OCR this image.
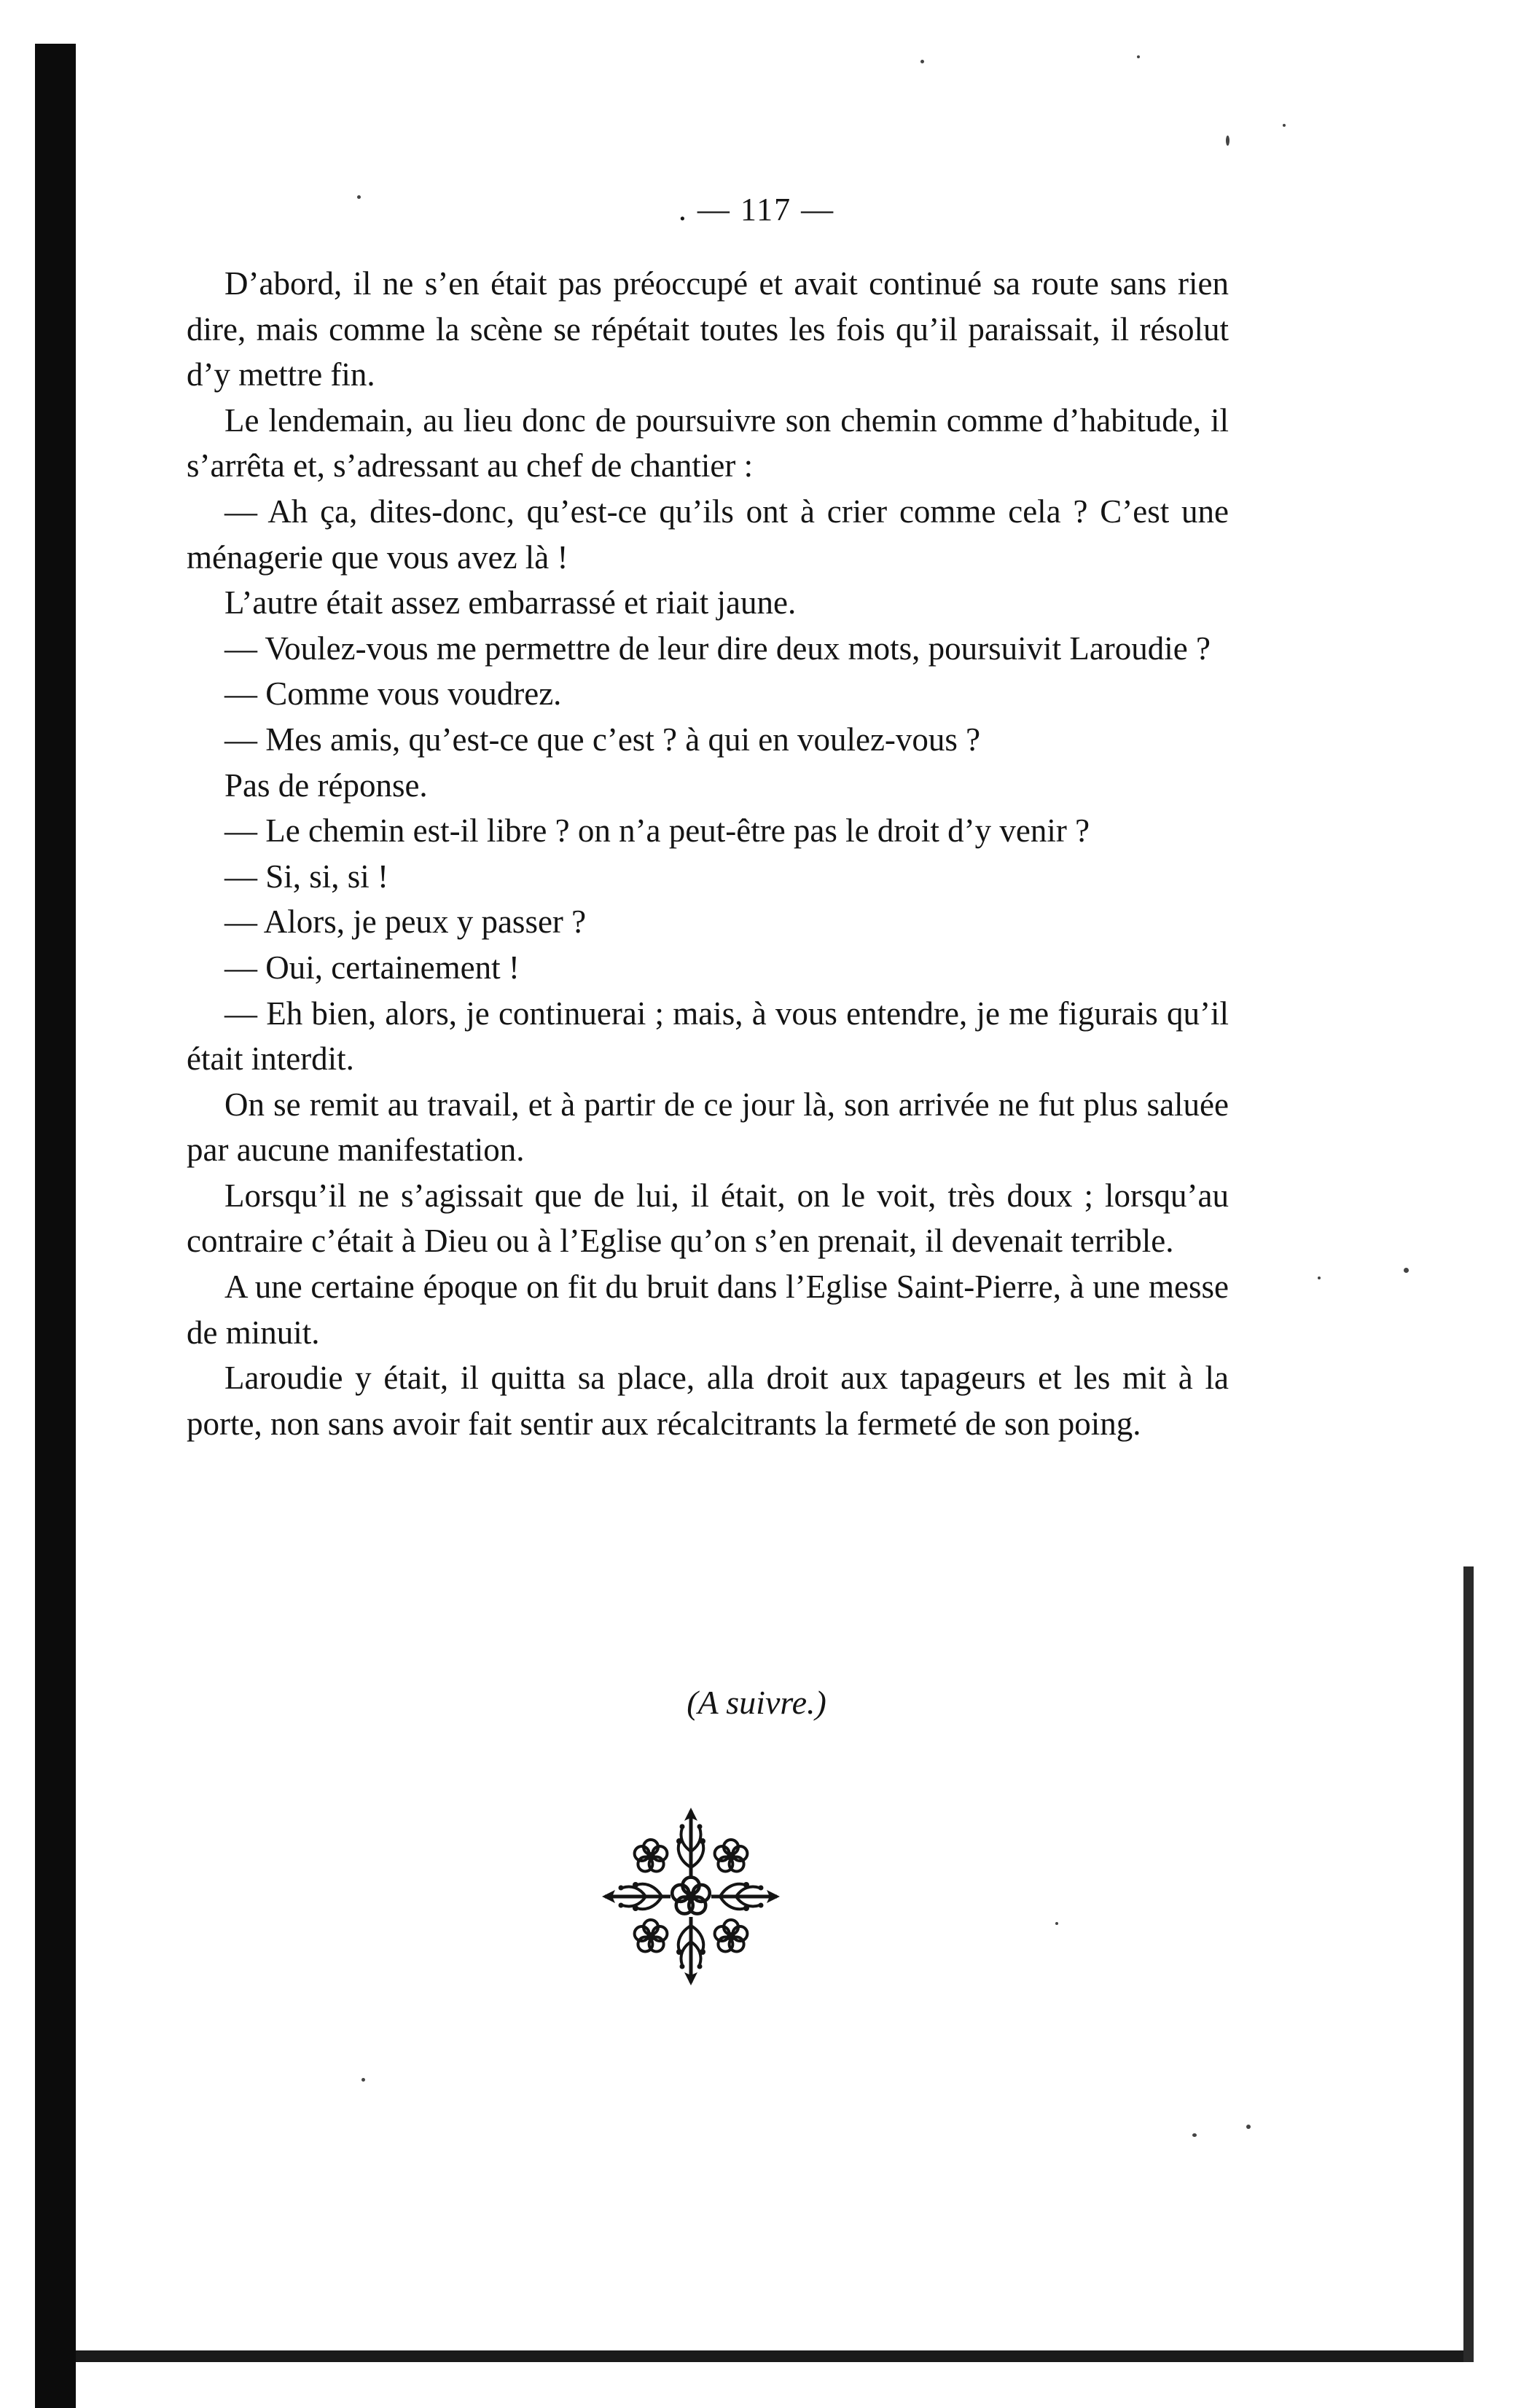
. — 117 —

D’abord, il ne s’en était pas préoccupé et avait continué sa route sans rien dire, mais comme la scène se répétait toutes les fois qu’il paraissait, il résolut d’y mettre fin.

Le lendemain, au lieu donc de poursuivre son chemin comme d’habitude, il s’arrêta et, s’adressant au chef de chantier :

— Ah ça, dites-donc, qu’est-ce qu’ils ont à crier comme cela ? C’est une ménagerie que vous avez là !

L’autre était assez embarrassé et riait jaune.

— Voulez-vous me permettre de leur dire deux mots, poursuivit Laroudie ?

— Comme vous voudrez.

— Mes amis, qu’est-ce que c’est ? à qui en voulez-vous ?

Pas de réponse.

— Le chemin est-il libre ? on n’a peut-être pas le droit d’y venir ?

— Si, si, si !

— Alors, je peux y passer ?

— Oui, certainement !

— Eh bien, alors, je continuerai ; mais, à vous entendre, je me figurais qu’il était interdit.

On se remit au travail, et à partir de ce jour là, son arrivée ne fut plus saluée par aucune manifestation.

Lorsqu’il ne s’agissait que de lui, il était, on le voit, très doux ; lorsqu’au contraire c’était à Dieu ou à l’Eglise qu’on s’en prenait, il devenait terrible.

A une certaine époque on fit du bruit dans l’Eglise Saint-Pierre, à une messe de minuit.

Laroudie y était, il quitta sa place, alla droit aux tapageurs et les mit à la porte, non sans avoir fait sentir aux récalcitrants la fermeté de son poing.

(A suivre.)
